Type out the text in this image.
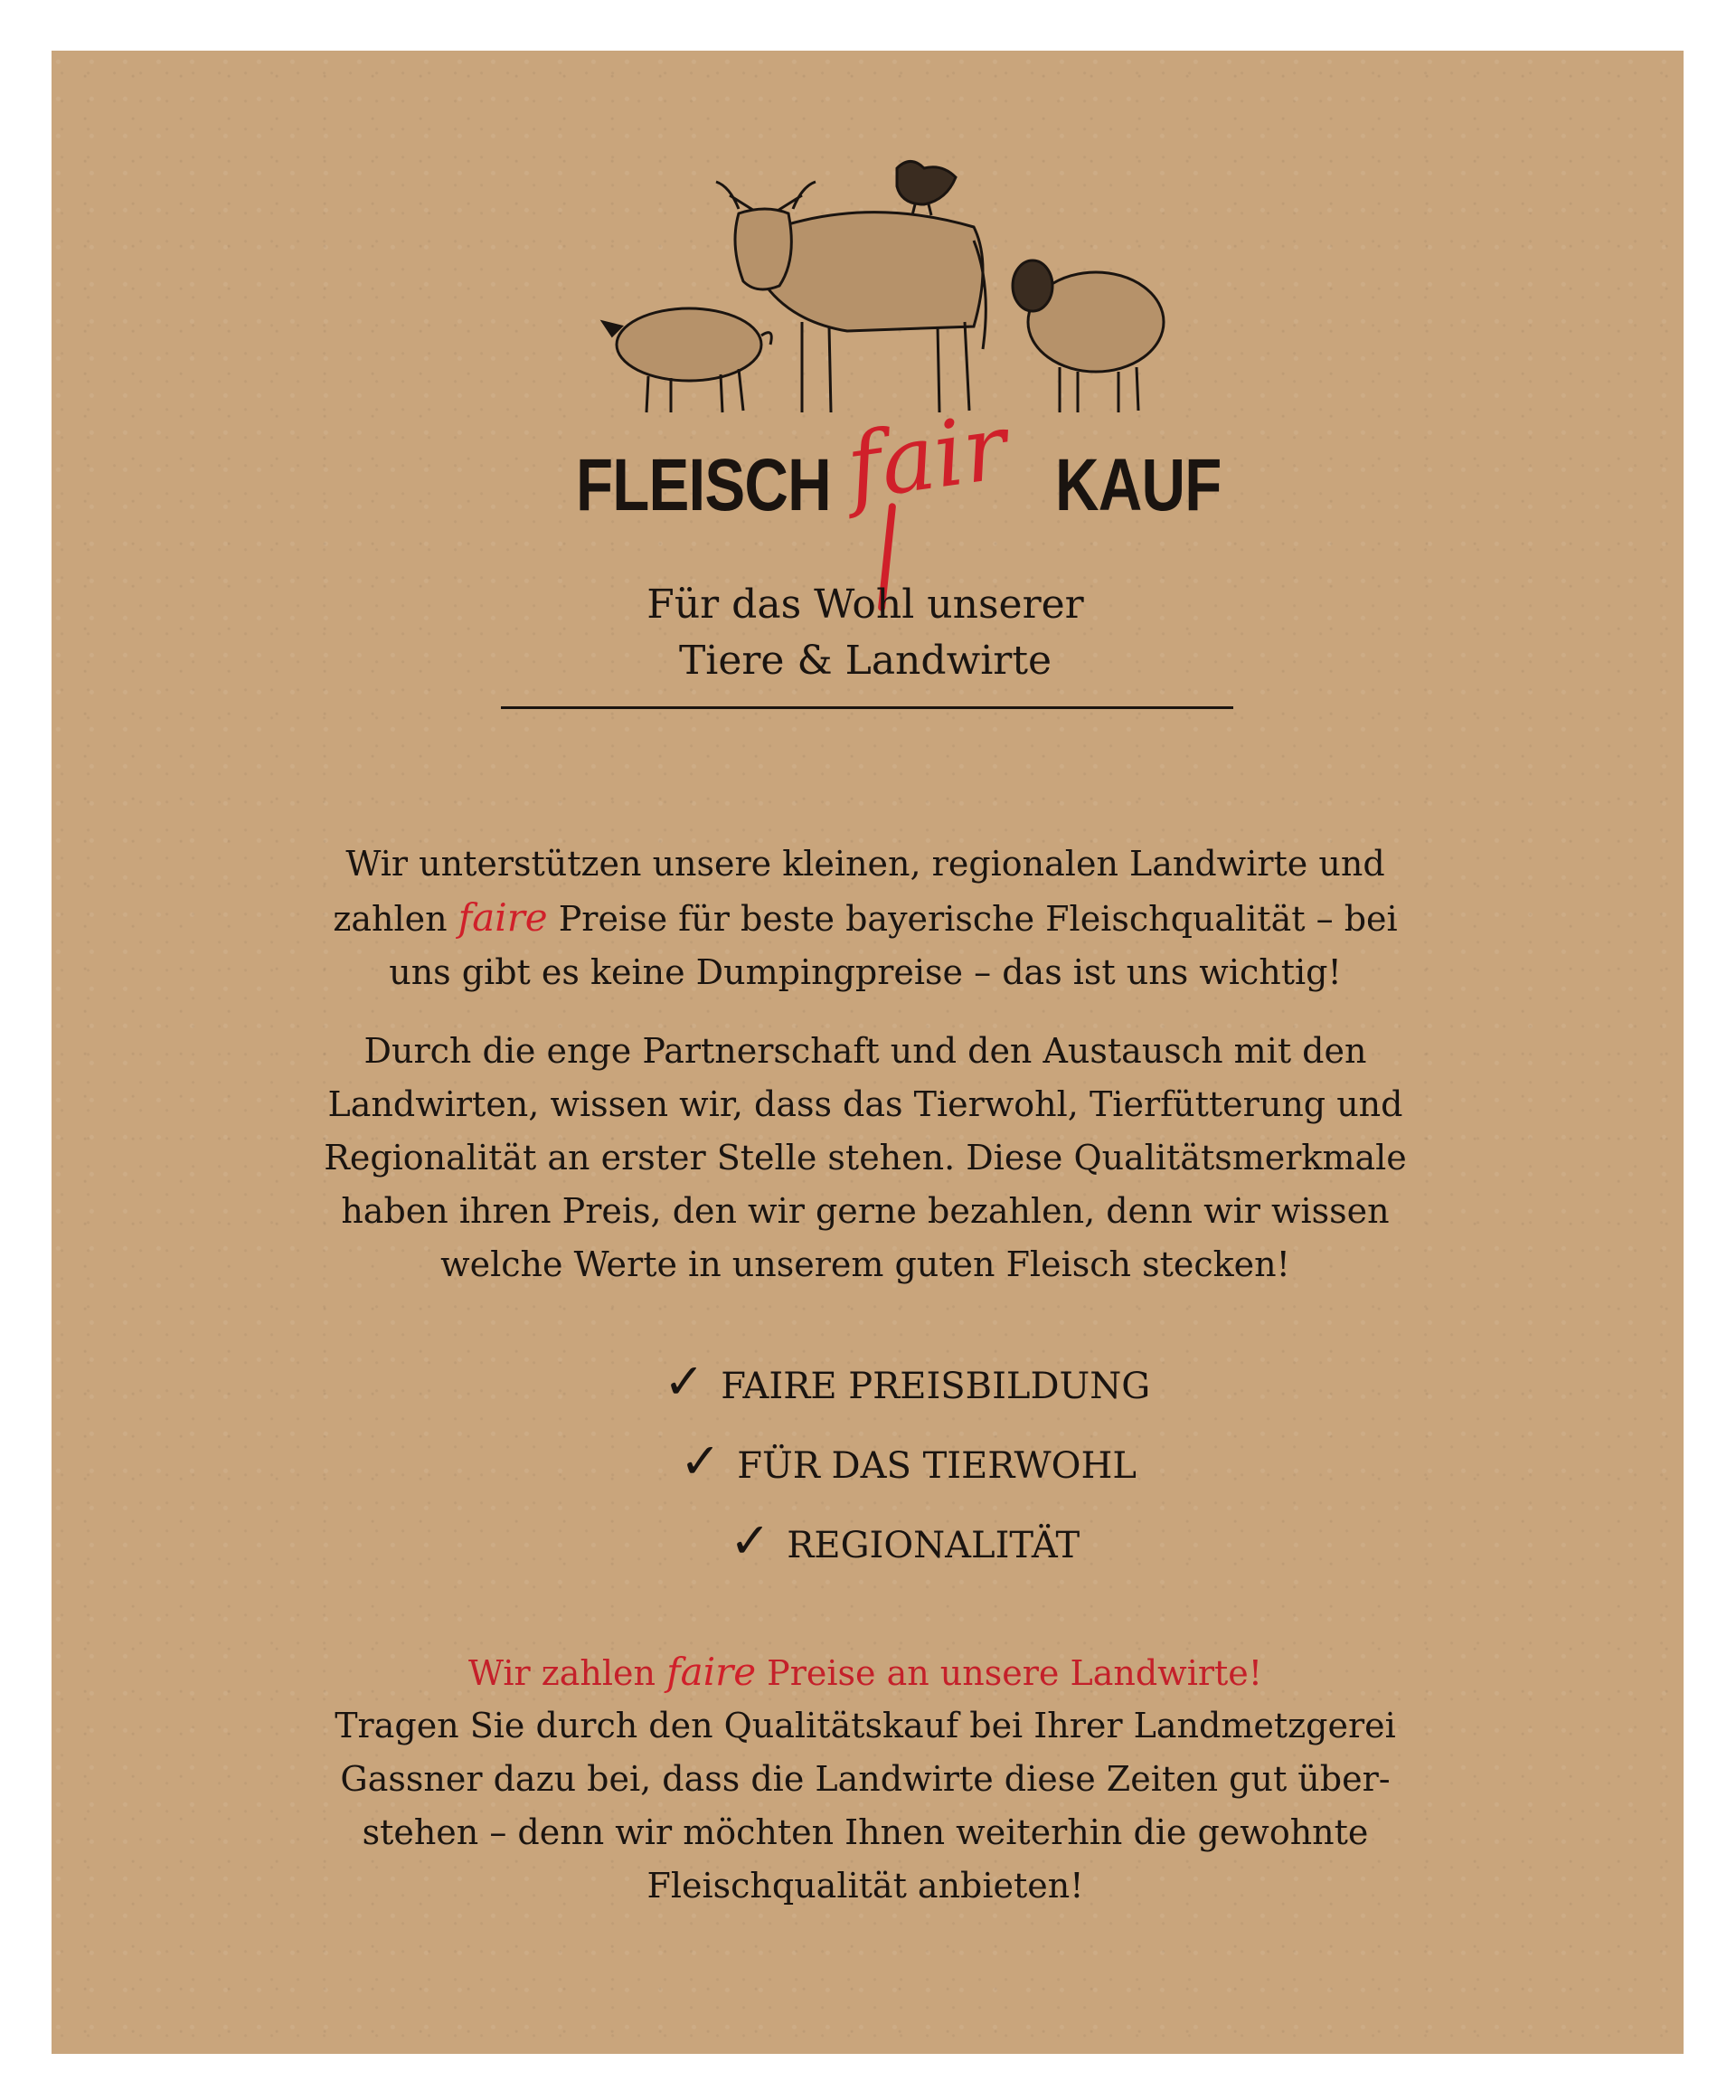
FLEISCH fair KAUF
Für das Wohl unserer
Tiere & Landwirte
Wir unterstützen unsere kleinen, regionalen Landwirte und
zahlen faire Preise für beste bayerische Fleischqualität – bei
uns gibt es keine Dumpingpreise – das ist uns wichtig!
Durch die enge Partnerschaft und den Austausch mit den
Landwirten, wissen wir, dass das Tierwohl, Tierfütterung und
Regionalität an erster Stelle stehen. Diese Qualitätsmerkmale
haben ihren Preis, den wir gerne bezahlen, denn wir wissen
welche Werte in unserem guten Fleisch stecken!
✓ FAIRE PREISBILDUNG
✓ FÜR DAS TIERWOHL
✓ REGIONALITÄT
Wir zahlen faire Preise an unsere Landwirte!
Tragen Sie durch den Qualitätskauf bei Ihrer Landmetzgerei
Gassner dazu bei, dass die Landwirte diese Zeiten gut über-
stehen – denn wir möchten Ihnen weiterhin die gewohnte
Fleischqualität anbieten!
